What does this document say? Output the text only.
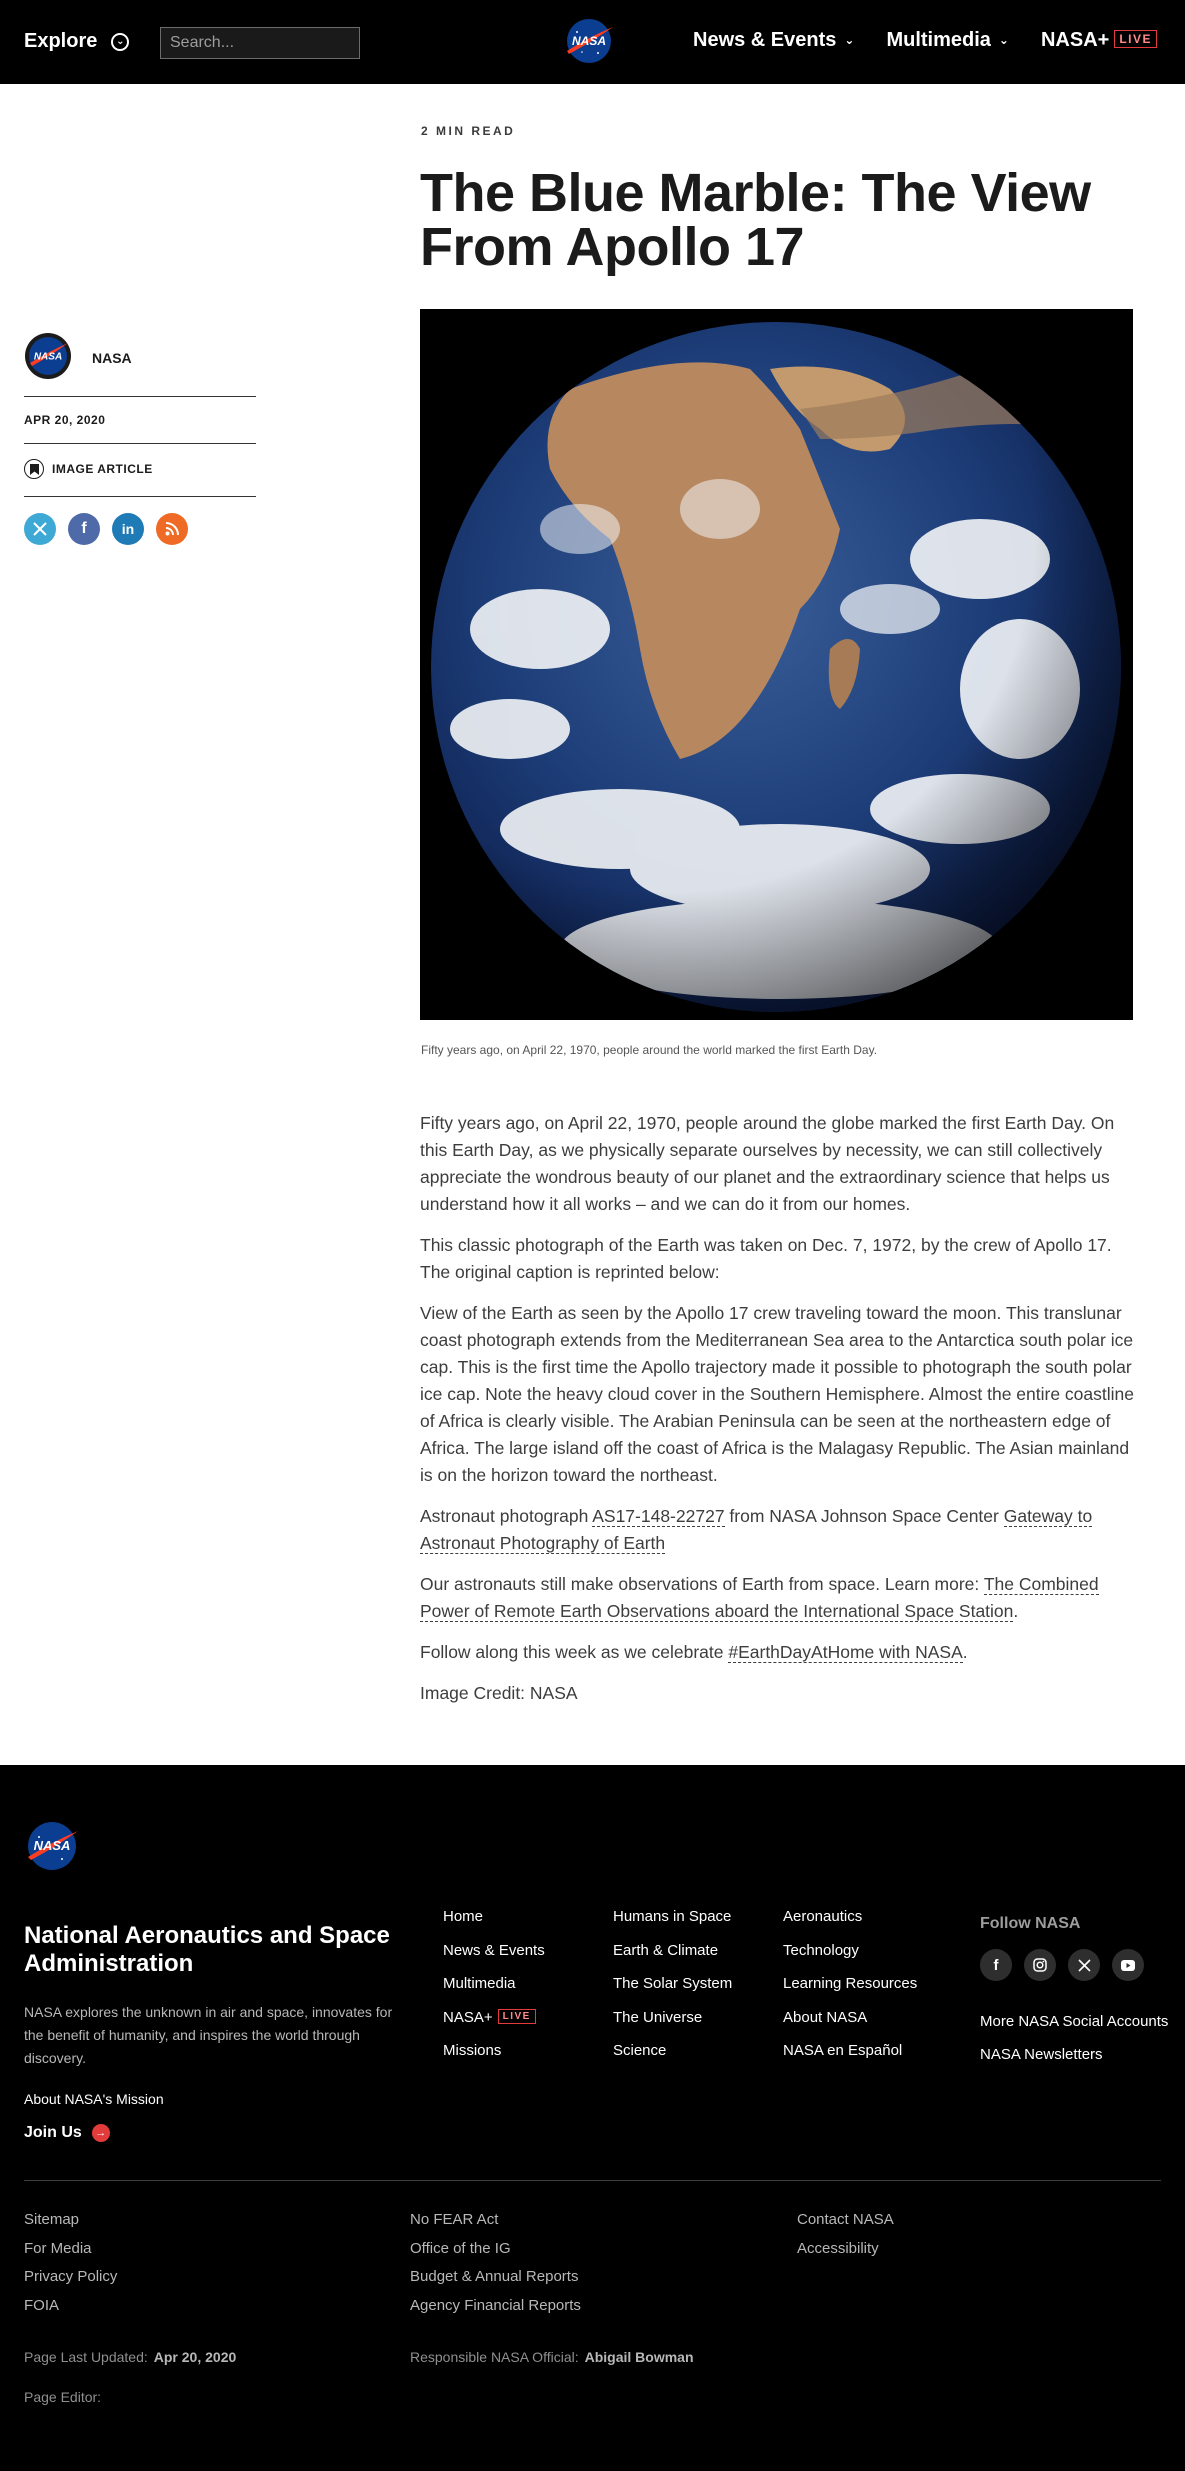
Explore	⌄
Search...	NASA	News & Events ⌄ Multimedia ⌄ NASA+ LIVE
2 MIN READ
The Blue Marble: The View From Apollo 17
NASA NASA
APR 20, 2020
IMAGE ARTICLE
f	in
Fifty years ago, on April 22, 1970, people around the world marked the first Earth Day.

Fifty years ago, on April 22, 1970, people around the globe marked the first Earth Day. On this Earth Day, as we physically separate ourselves by necessity, we can still collectively appreciate the wondrous beauty of our planet and the extraordinary science that helps us understand how it all works – and we can do it from our homes.

This classic photograph of the Earth was taken on Dec. 7, 1972, by the crew of Apollo 17. The original caption is reprinted below:

View of the Earth as seen by the Apollo 17 crew traveling toward the moon. This translunar coast photograph extends from the Mediterranean Sea area to the Antarctica south polar ice cap. This is the first time the Apollo trajectory made it possible to photograph the south polar ice cap. Note the heavy cloud cover in the Southern Hemisphere. Almost the entire coastline of Africa is clearly visible. The Arabian Peninsula can be seen at the northeastern edge of Africa. The large island off the coast of Africa is the Malagasy Republic. The Asian mainland is on the horizon toward the northeast.

Astronaut photograph AS17-148-22727 from NASA Johnson Space Center Gateway to Astronaut Photography of Earth

Our astronauts still make observations of Earth from space. Learn more: The Combined Power of Remote Earth Observations aboard the International Space Station.

Follow along this week as we celebrate #EarthDayAtHome with NASA.

Image Credit: NASA

NASA
National Aeronautics and Space Administration
NASA explores the unknown in air and space, innovates for the benefit of humanity, and inspires the world through discovery.
About NASA's Mission
Join Us	→
Home
News & Events
Multimedia
NASA+ LIVE
Missions
Humans in Space
Earth & Climate
The Solar System
The Universe
Science
Aeronautics
Technology
Learning Resources
About NASA
NASA en Español
Follow NASA
f
More NASA Social Accounts
NASA Newsletters
Sitemap
For Media
Privacy Policy
FOIA
No FEAR Act
Office of the IG
Budget & Annual Reports
Agency Financial Reports
Contact NASA
Accessibility
Page Last Updated: Apr 20, 2020	Responsible NASA Official: Abigail Bowman
Page Editor:
